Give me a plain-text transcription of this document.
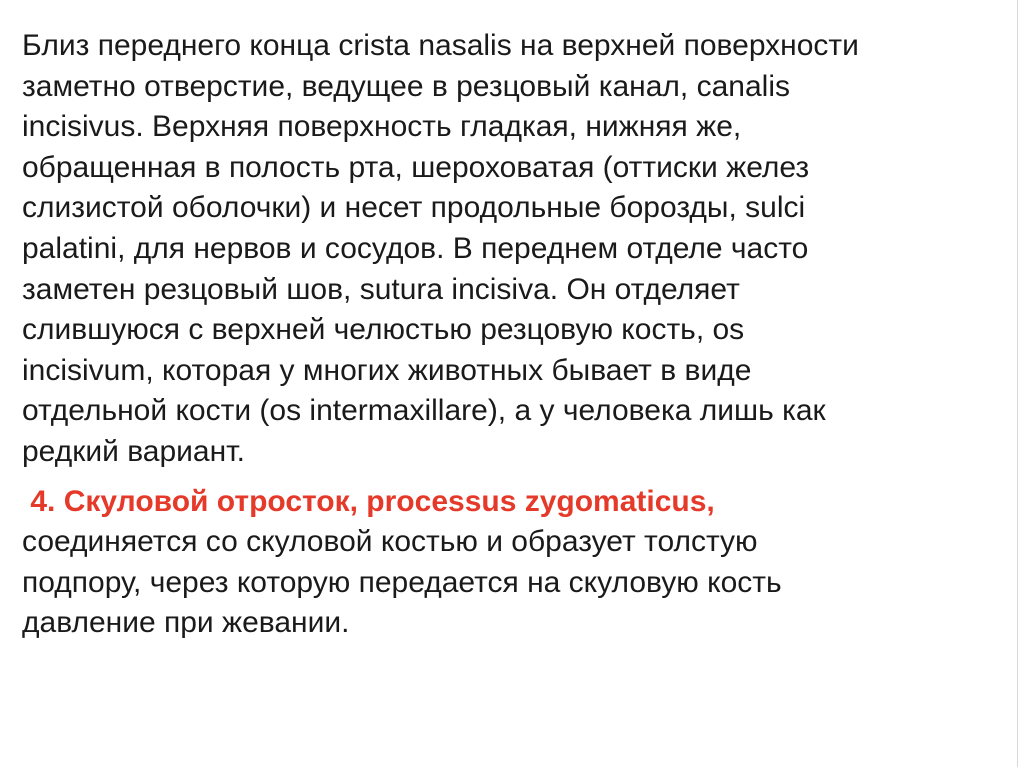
Близ переднего конца crista nasalis на верхней поверхности
заметно отверстие, ведущее в резцовый канал, canalis
incisivus. Верхняя поверхность гладкая, нижняя же,
обращенная в полость рта, шероховатая (оттиски желез
слизистой оболочки) и несет продольные борозды, sulci
palatini, для нервов и сосудов. В переднем отделе часто
заметен резцовый шов, sutura incisiva. Он отделяет
слившуюся с верхней челюстью резцовую кость, os
incisivum, которая у многих животных бывает в виде
отдельной кости (os intermaxillare), а у человека лишь как
редкий вариант.

4. Скуловой отросток, processus zygomaticus,
соединяется со скуловой костью и образует толстую
подпору, через которую передается на скуловую кость
давление при жевании.
